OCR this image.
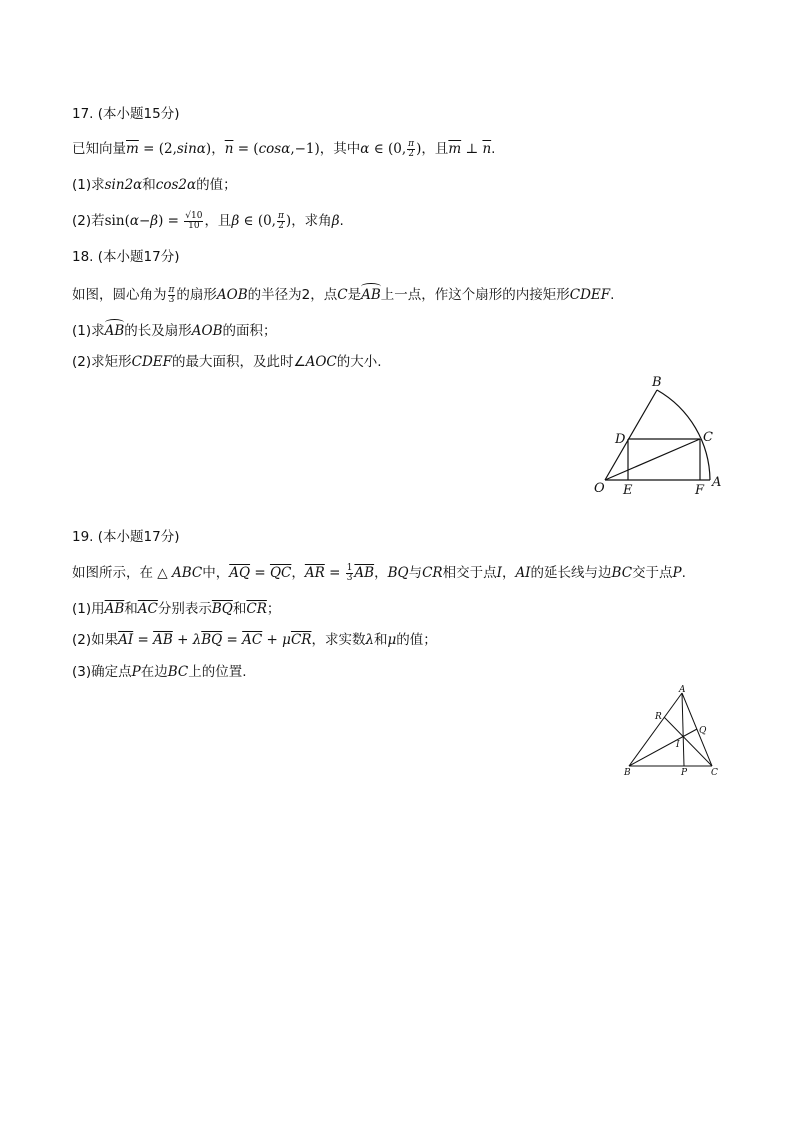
17. (本小题15分)
已知向量$\overline{m} = (2,\sin\alpha)$，$\overline{n} = (\cos\alpha,-1)$，其中α ∈ (0, $\frac{\pi}{2}$ )，且$\overline{m}$ ⊥ $\overline{n}$.
(1)求sin2α和cos2α的值；
(2)若$\sin(\alpha-\beta) = \frac{√10}{10}$ ，且β ∈ (0, $\frac{\pi}{2}$ )，求角β.
18. (本小题17分)
如图，圆心角为 $\frac{\pi}{3}$ 的扇形AOB的半径为2，点C是AB上一点，作这个扇形的内接矩形CDEF.
(1)求AB的长及扇形AOB的面积；
(2)求矩形CDEF的最大面积，及此时∠AOC的大小.
B
D	C
O E	F
A
19. (本小题17分)
如图所示，在 △ ABC中，$\overline{AQ} = \overline{QC}$，$\overline{AR} = \frac{1}{3} \overline{AB}$，BQ与CR相交于点I，AI的延长线与边BC交于点P.
(1)用$\overline{AB}$和$\overline{AC}$分别表示$\overline{BQ}$和$\overline{CR}$；
(2)如果$\overline{AI} = \overline{AB} + \lambda\overline{BQ} = \overline{AC} + \mu\overline{CR}$，求实数λ和μ的值；
(3)确定点P在边BC上的位置.
A
R
Q
I
B	P	C
